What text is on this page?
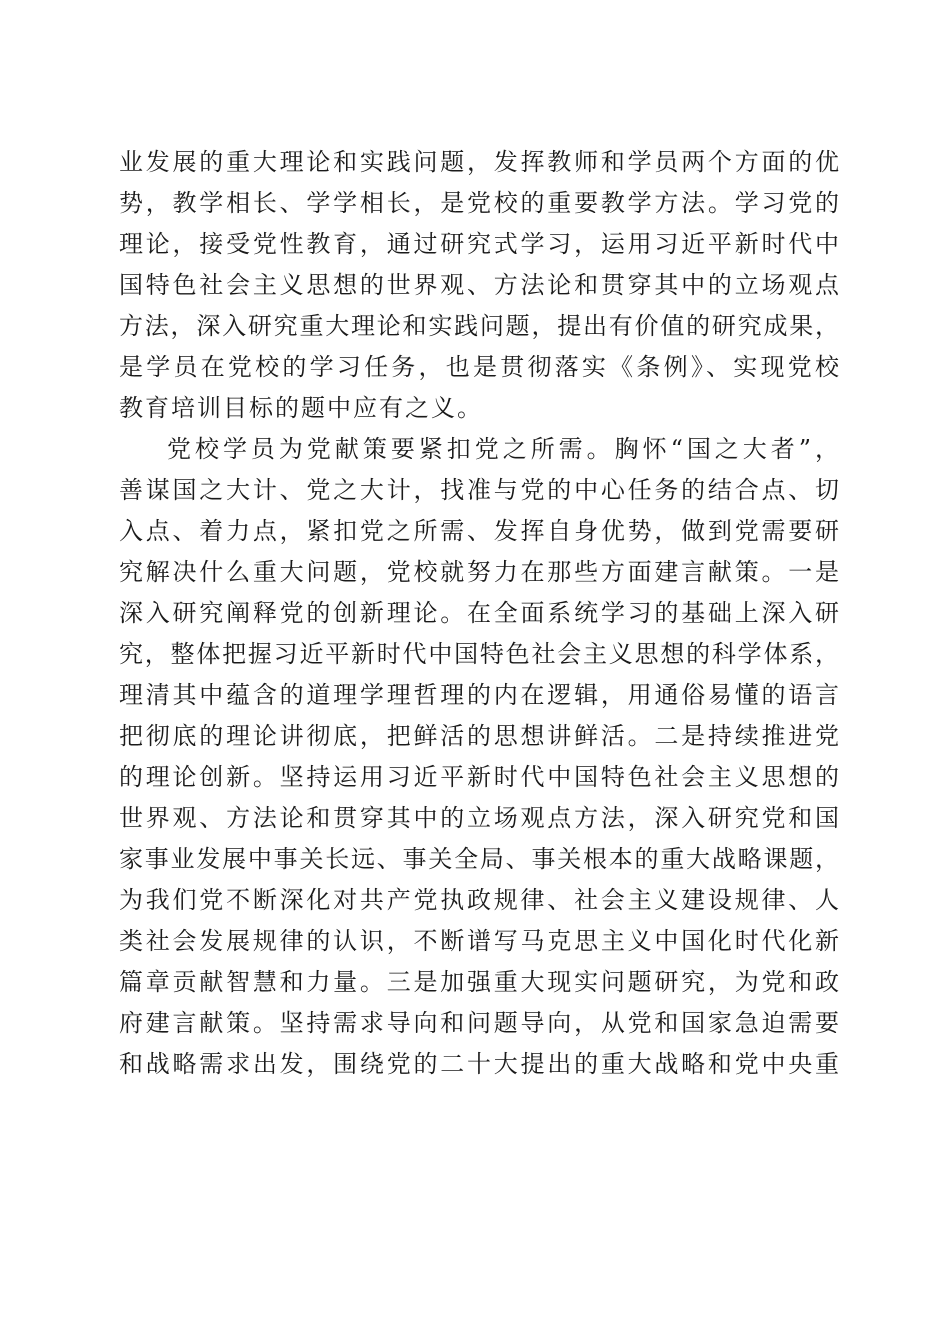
业发展的重大理论和实践问题，发挥教师和学员两个方面的优
势，教学相长、学学相长，是党校的重要教学方法。学习党的
理论，接受党性教育，通过研究式学习，运用习近平新时代中
国特色社会主义思想的世界观、方法论和贯穿其中的立场观点
方法，深入研究重大理论和实践问题，提出有价值的研究成果，
是学员在党校的学习任务，也是贯彻落实《条例》、实现党校
教育培训目标的题中应有之义。
党校学员为党献策要紧扣党之所需。胸怀“国之大者”，
善谋国之大计、党之大计，找准与党的中心任务的结合点、切
入点、着力点，紧扣党之所需、发挥自身优势，做到党需要研
究解决什么重大问题，党校就努力在那些方面建言献策。一是
深入研究阐释党的创新理论。在全面系统学习的基础上深入研
究，整体把握习近平新时代中国特色社会主义思想的科学体系，
理清其中蕴含的道理学理哲理的内在逻辑，用通俗易懂的语言
把彻底的理论讲彻底，把鲜活的思想讲鲜活。二是持续推进党
的理论创新。坚持运用习近平新时代中国特色社会主义思想的
世界观、方法论和贯穿其中的立场观点方法，深入研究党和国
家事业发展中事关长远、事关全局、事关根本的重大战略课题，
为我们党不断深化对共产党执政规律、社会主义建设规律、人
类社会发展规律的认识，不断谱写马克思主义中国化时代化新
篇章贡献智慧和力量。三是加强重大现实问题研究，为党和政
府建言献策。坚持需求导向和问题导向，从党和国家急迫需要
和战略需求出发，围绕党的二十大提出的重大战略和党中央重
